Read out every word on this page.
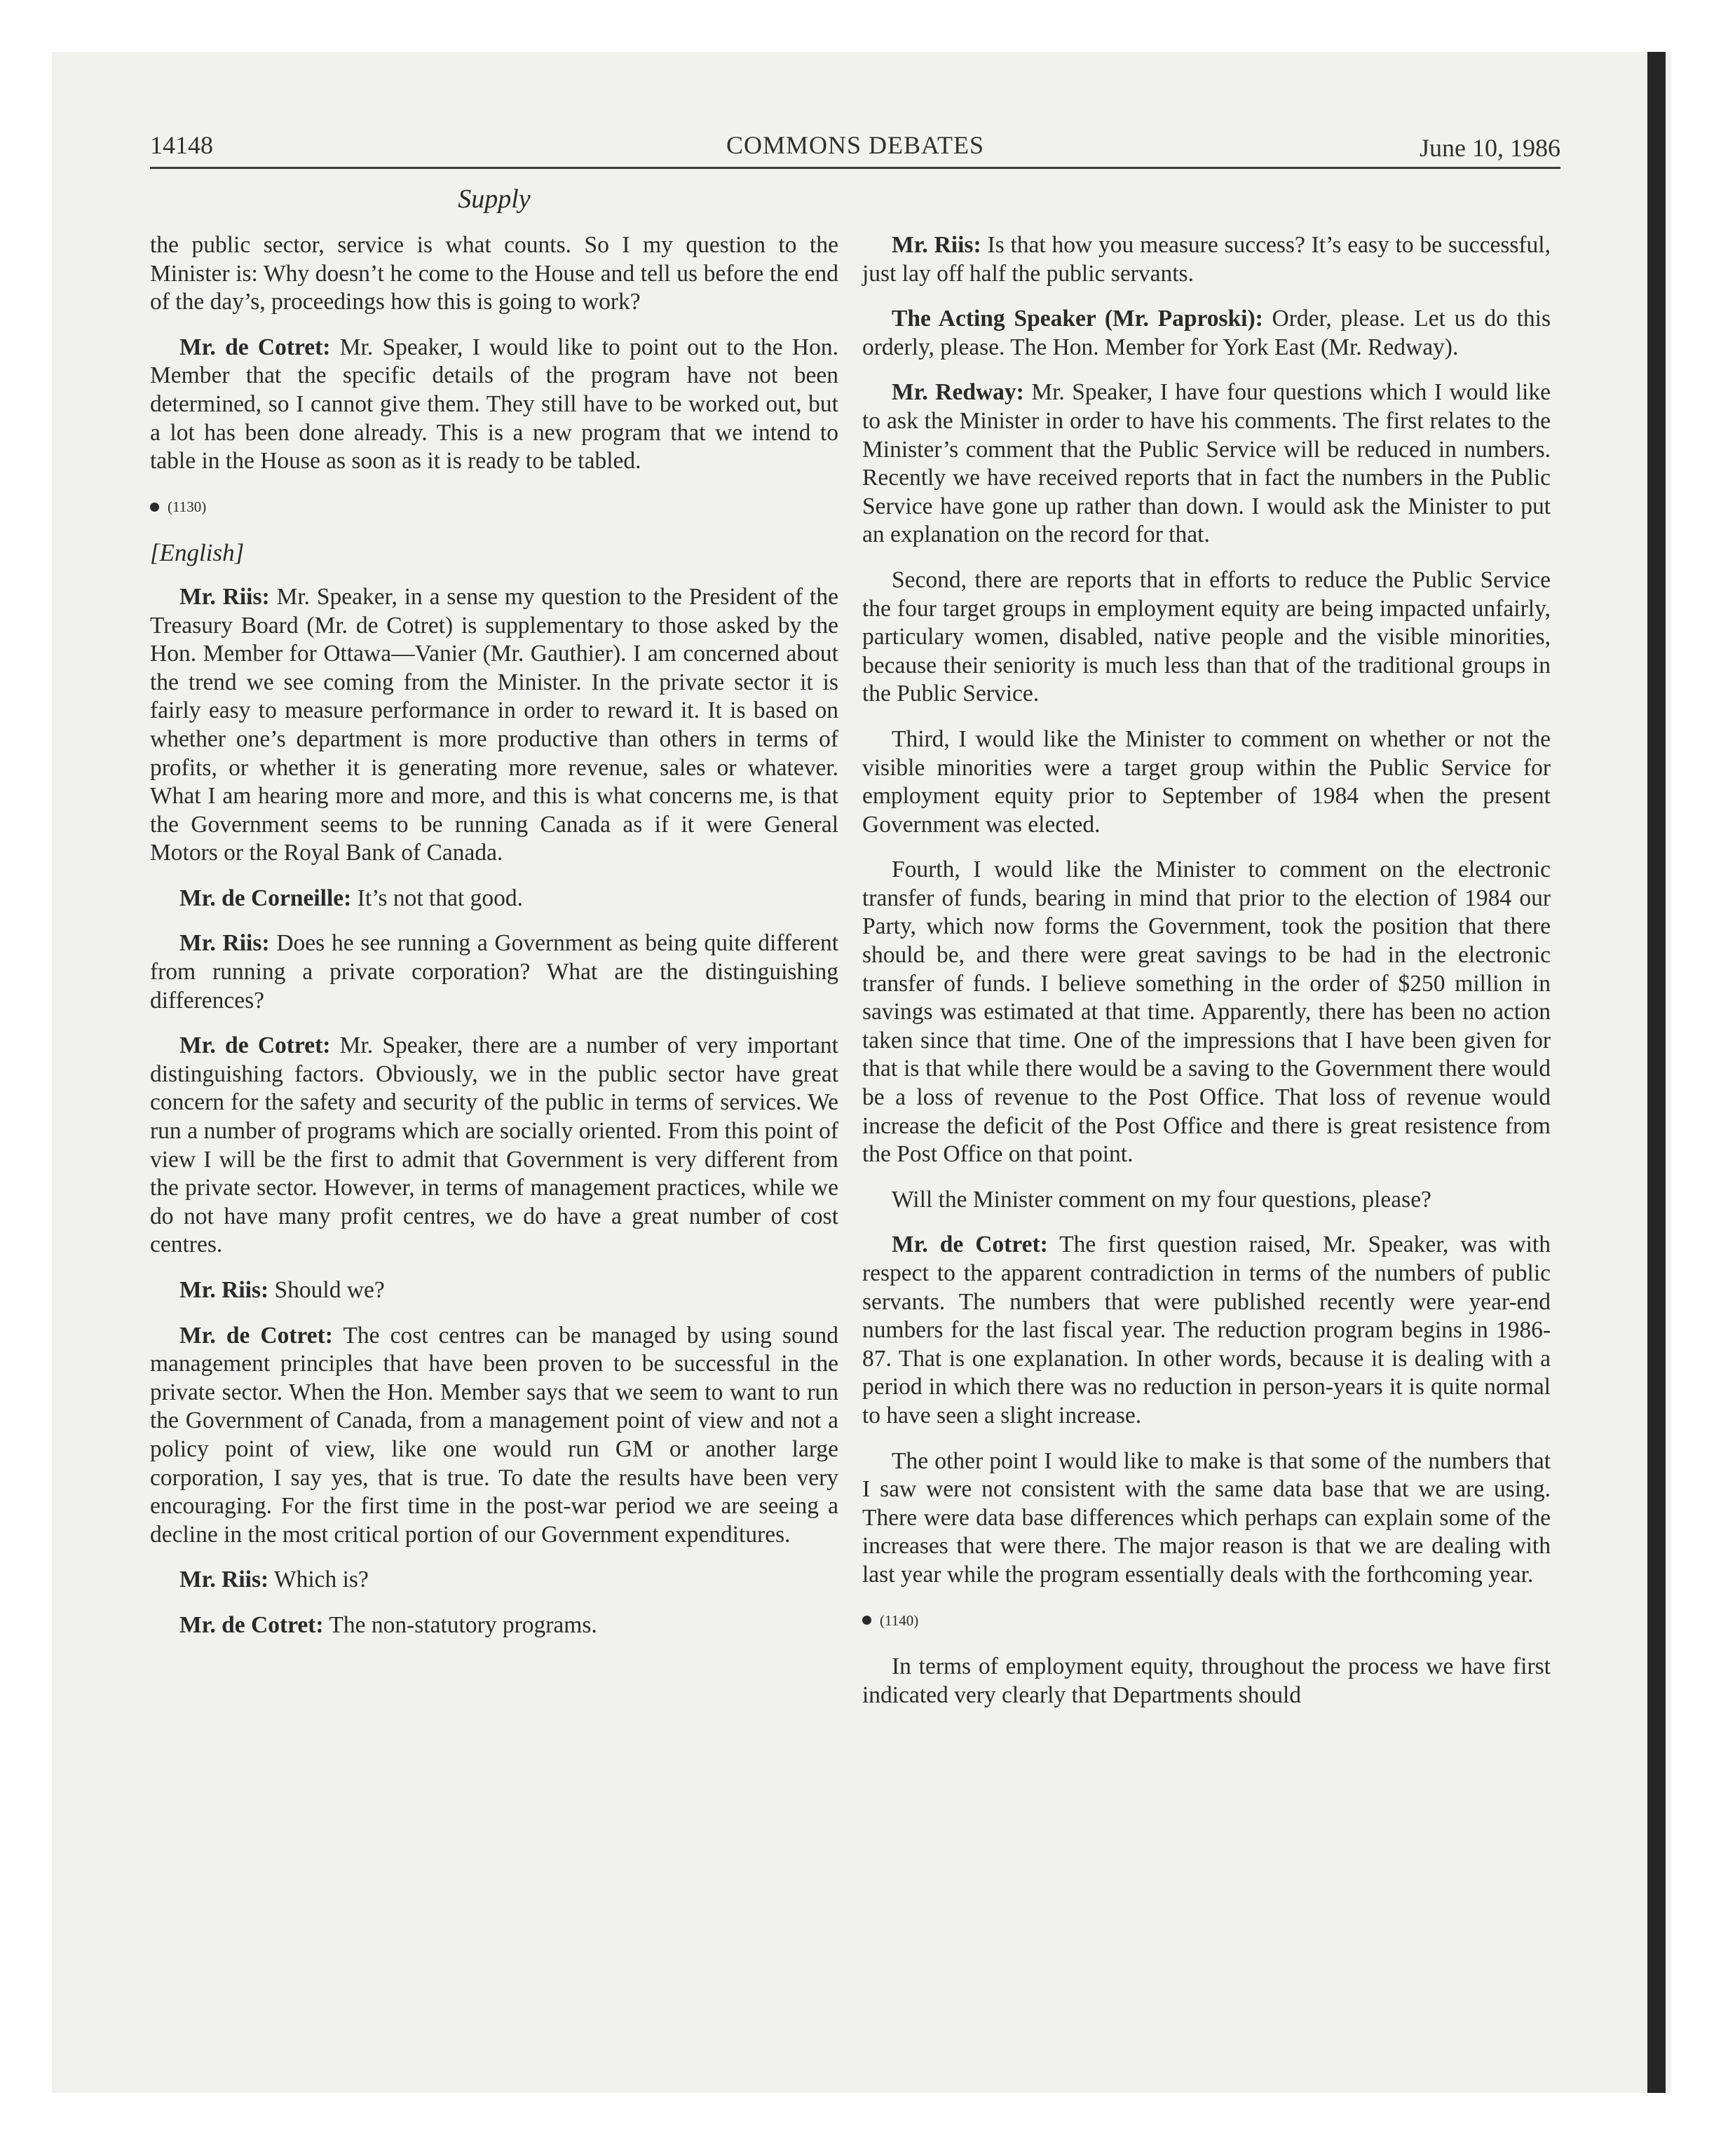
14148	COMMONS DEBATES	June 10, 1986
Supply

the public sector, service is what counts. So I my question to the Minister is: Why doesn’t he come to the House and tell us before the end of the day’s, proceedings how this is going to work?

Mr. de Cotret: Mr. Speaker, I would like to point out to the Hon. Member that the specific details of the program have not been determined, so I cannot give them. They still have to be worked out, but a lot has been done already. This is a new program that we intend to table in the House as soon as it is ready to be tabled.

(1130)
[English]

Mr. Riis: Mr. Speaker, in a sense my question to the President of the Treasury Board (Mr. de Cotret) is supplementary to those asked by the Hon. Member for Ottawa—Vanier (Mr. Gauthier). I am concerned about the trend we see coming from the Minister. In the private sector it is fairly easy to measure performance in order to reward it. It is based on whether one’s department is more productive than others in terms of profits, or whether it is generating more revenue, sales or whatever. What I am hearing more and more, and this is what concerns me, is that the Government seems to be running Canada as if it were General Motors or the Royal Bank of Canada.

Mr. de Corneille: It’s not that good.

Mr. Riis: Does he see running a Government as being quite different from running a private corporation? What are the distinguishing differences?

Mr. de Cotret: Mr. Speaker, there are a number of very important distinguishing factors. Obviously, we in the public sector have great concern for the safety and security of the public in terms of services. We run a number of programs which are socially oriented. From this point of view I will be the first to admit that Government is very different from the private sector. However, in terms of management practices, while we do not have many profit centres, we do have a great number of cost centres.

Mr. Riis: Should we?

Mr. de Cotret: The cost centres can be managed by using sound management principles that have been proven to be successful in the private sector. When the Hon. Member says that we seem to want to run the Government of Canada, from a management point of view and not a policy point of view, like one would run GM or another large corporation, I say yes, that is true. To date the results have been very encouraging. For the first time in the post-war period we are seeing a decline in the most critical portion of our Government expenditures.

Mr. Riis: Which is?

Mr. de Cotret: The non-statutory programs.

Mr. Riis: Is that how you measure success? It’s easy to be successful, just lay off half the public servants.

The Acting Speaker (Mr. Paproski): Order, please. Let us do this orderly, please. The Hon. Member for York East (Mr. Redway).

Mr. Redway: Mr. Speaker, I have four questions which I would like to ask the Minister in order to have his comments. The first relates to the Minister’s comment that the Public Service will be reduced in numbers. Recently we have received reports that in fact the numbers in the Public Service have gone up rather than down. I would ask the Minister to put an explanation on the record for that.

Second, there are reports that in efforts to reduce the Public Service the four target groups in employment equity are being impacted unfairly, particulary women, disabled, native people and the visible minorities, because their seniority is much less than that of the traditional groups in the Public Service.

Third, I would like the Minister to comment on whether or not the visible minorities were a target group within the Public Service for employment equity prior to September of 1984 when the present Government was elected.

Fourth, I would like the Minister to comment on the electronic transfer of funds, bearing in mind that prior to the election of 1984 our Party, which now forms the Government, took the position that there should be, and there were great savings to be had in the electronic transfer of funds. I believe something in the order of $250 million in savings was estimated at that time. Apparently, there has been no action taken since that time. One of the impressions that I have been given for that is that while there would be a saving to the Government there would be a loss of revenue to the Post Office. That loss of revenue would increase the deficit of the Post Office and there is great resistence from the Post Office on that point.

Will the Minister comment on my four questions, please?

Mr. de Cotret: The first question raised, Mr. Speaker, was with respect to the apparent contradiction in terms of the numbers of public servants. The numbers that were published recently were year-end numbers for the last fiscal year. The reduction program begins in 1986-87. That is one explanation. In other words, because it is dealing with a period in which there was no reduction in person-years it is quite normal to have seen a slight increase.

The other point I would like to make is that some of the numbers that I saw were not consistent with the same data base that we are using. There were data base differences which perhaps can explain some of the increases that were there. The major reason is that we are dealing with last year while the program essentially deals with the forthcoming year.

(1140)

In terms of employment equity, throughout the process we have first indicated very clearly that Departments should
